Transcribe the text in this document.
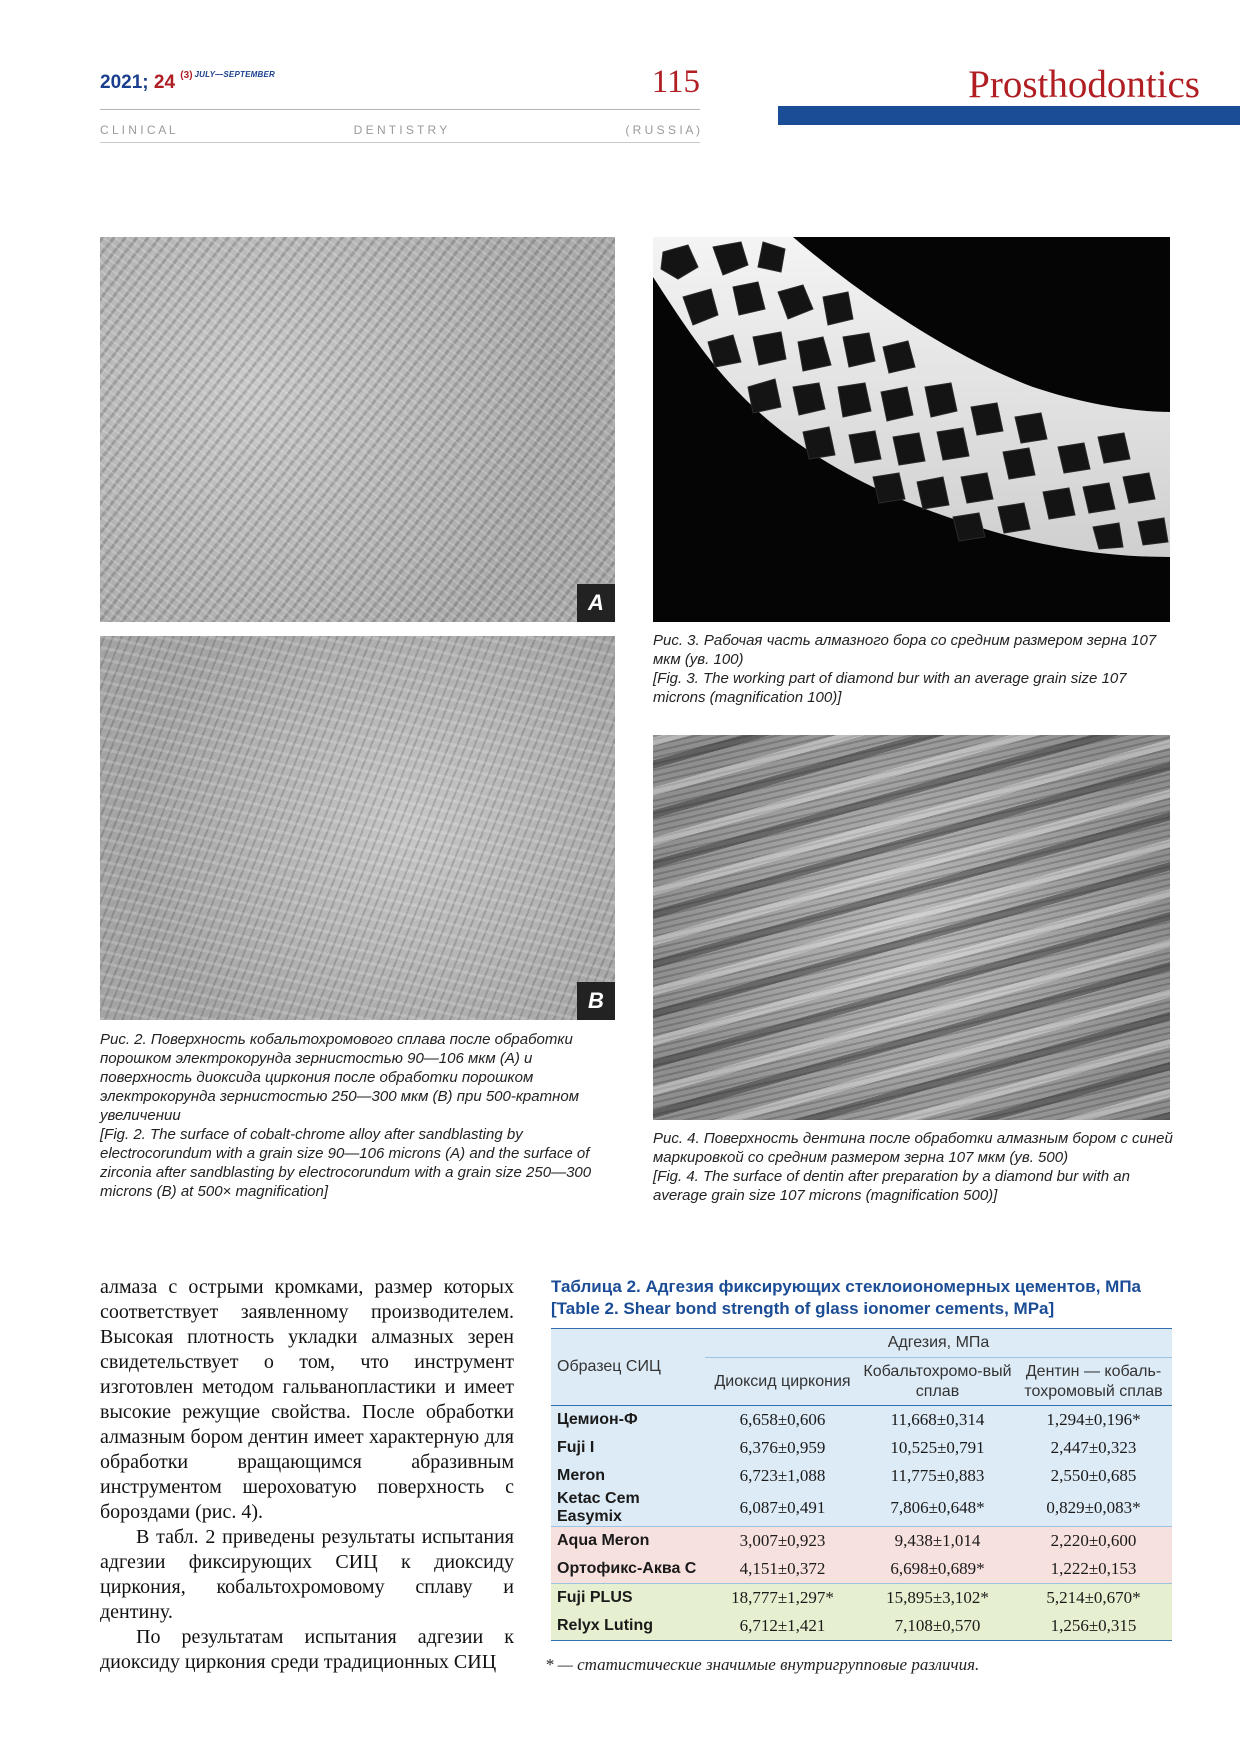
2021; 24 $^{(3)}$ $^{JULY—SEPTEMBER}$	115
C L I N I C A L	D E N T I S T R Y	( R U S S I A )
Prosthodontics
A
B

Рис. 3. Рабочая часть алмазного бора со средним размером зерна 107 мкм (ув. 100)

[Fig. 3. The working part of diamond bur with an average grain size 107 microns (magnification 100)]

Рис. 2. Поверхность кобальтохромового сплава после обработки порошком электрокорунда зернистостью 90—106 мкм (А) и поверхность диоксида циркония после обработки порошком электрокорунда зернистостью 250—300 мкм (В) при 500-кратном увеличении

[Fig. 2. The surface of cobalt-chrome alloy after sandblasting by electrocorundum with a grain size 90—106 microns (A) and the surface of zirconia after sandblasting by electrocorundum with a grain size 250—300 microns (B) at 500× magnification]

Рис. 4. Поверхность дентина после обработки алмазным бором с синей маркировкой со средним размером зерна 107 мкм (ув. 500)

[Fig. 4. The surface of dentin after preparation by a diamond bur with an average grain size 107 microns (magnification 500)]

алмаза с острыми кромками, размер которых соответствует заявленному производителем. Высокая плотность укладки алмазных зерен свидетельствует о том, что инструмент изготовлен методом гальванопластики и имеет высокие режущие свойства. После обработки алмазным бором дентин имеет характерную для обработки вращающимся абразивным инструментом шероховатую поверхность с бороздами (рис. 4).

В табл. 2 приведены результаты испытания адгезии фиксирующих СИЦ к диоксиду циркония, кобальтохромовому сплаву и дентину.

По результатам испытания адгезии к диоксиду циркония среди традиционных СИЦ

Таблица 2. Адгезия фиксирующих стеклоиономерных цементов, МПа
[Table 2. Shear bond strength of glass ionomer cements, MPa]
Образец СИЦ	Адгезия, МПа		
	Диоксид циркония	Кобальтохромо-вый сплав	Дентин — кобаль-тохромовый сплав
Цемион-Ф	6,658±0,606	11,668±0,314	1,294±0,196*
Fuji I	6,376±0,959	10,525±0,791	2,447±0,323
Meron	6,723±1,088	11,775±0,883	2,550±0,685
Ketac Cem Easymix	6,087±0,491	7,806±0,648*	0,829±0,083*
Aqua Meron	3,007±0,923	9,438±1,014	2,220±0,600
Ортофикс-Аква С	4,151±0,372	6,698±0,689*	1,222±0,153
Fuji PLUS	18,777±1,297*	15,895±3,102*	5,214±0,670*
Relyx Luting	6,712±1,421	7,108±0,570	1,256±0,315
* — статистические значимые внутригрупповые различия.
